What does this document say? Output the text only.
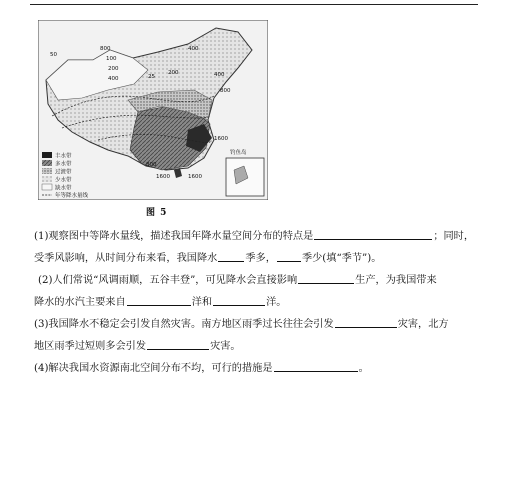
50
800
100
200
400	25
400
400
800
200
1600
1600
800
1600
钓鱼岛
丰水带
多水带
过渡带
少水带
缺水带
年等降水量线
图 5
(1)观察图中等降水量线，描述我国年降水量空间分布的特点是	；同时，
受季风影响，从时间分布来看，我国降水	季多，	季少(填“季节”)。
(2)人们常说“风调雨顺，五谷丰登”，可见降水会直接影响	生产，为我国带来
降水的水汽主要来自	洋和	洋。
(3)我国降水不稳定会引发自然灾害。南方地区雨季过长往往会引发	灾害，北方
地区雨季过短则多会引发	灾害。
(4)解决我国水资源南北空间分布不均，可行的措施是	。
